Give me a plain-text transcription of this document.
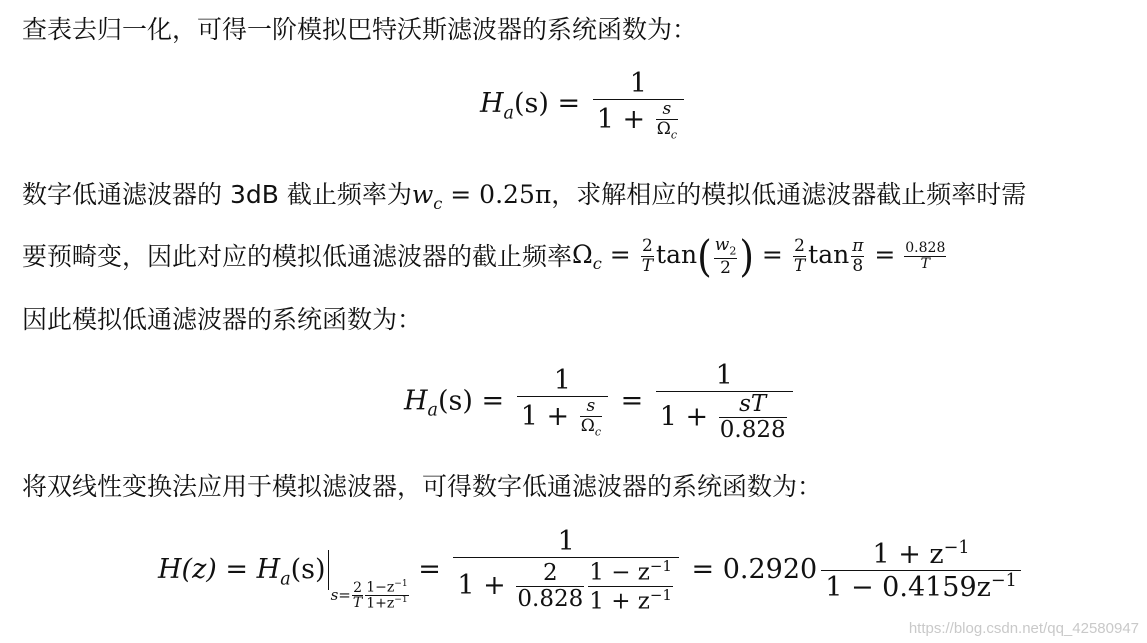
查表去归一化，可得一阶模拟巴特沃斯滤波器的系统函数为：
$H_a(s) = \frac{1}{1 + \frac{s}{\Omega_c}}$
数字低通滤波器的 3dB 截止频率为$w_c = 0.25\pi$，求解相应的模拟低通滤波器截止频率时需
要预畸变，因此对应的模拟低通滤波器的截止频率$\Omega_c = \frac{2}{T} \tan( \frac{w_2}{2}$ ) = $\frac{2}{T}$ $\tan \frac{\pi}{8} = \frac{0.828}{T}$
因此模拟低通滤波器的系统函数为：
$H_a(s) = \frac{1}{1 + \frac{s}{\Omega_c}} = \frac{1}{1 + \frac{sT}{0.828}}$
将双线性变换法应用于模拟滤波器，可得数字低通滤波器的系统函数为：
$H(z) = H_a(s)s= \frac{2}{T} \frac{1-z^{-1}}{1+z^{-1}}$
= $\frac{1}{1 + \frac{2}{0.828} \frac{1 - z^{-1}}{1 + z^{-1}}} = 0.2920 \frac{1 + z^{-1}}{1 - 0.4159z^{-1}}$
https://blog.csdn.net/qq_42580947
